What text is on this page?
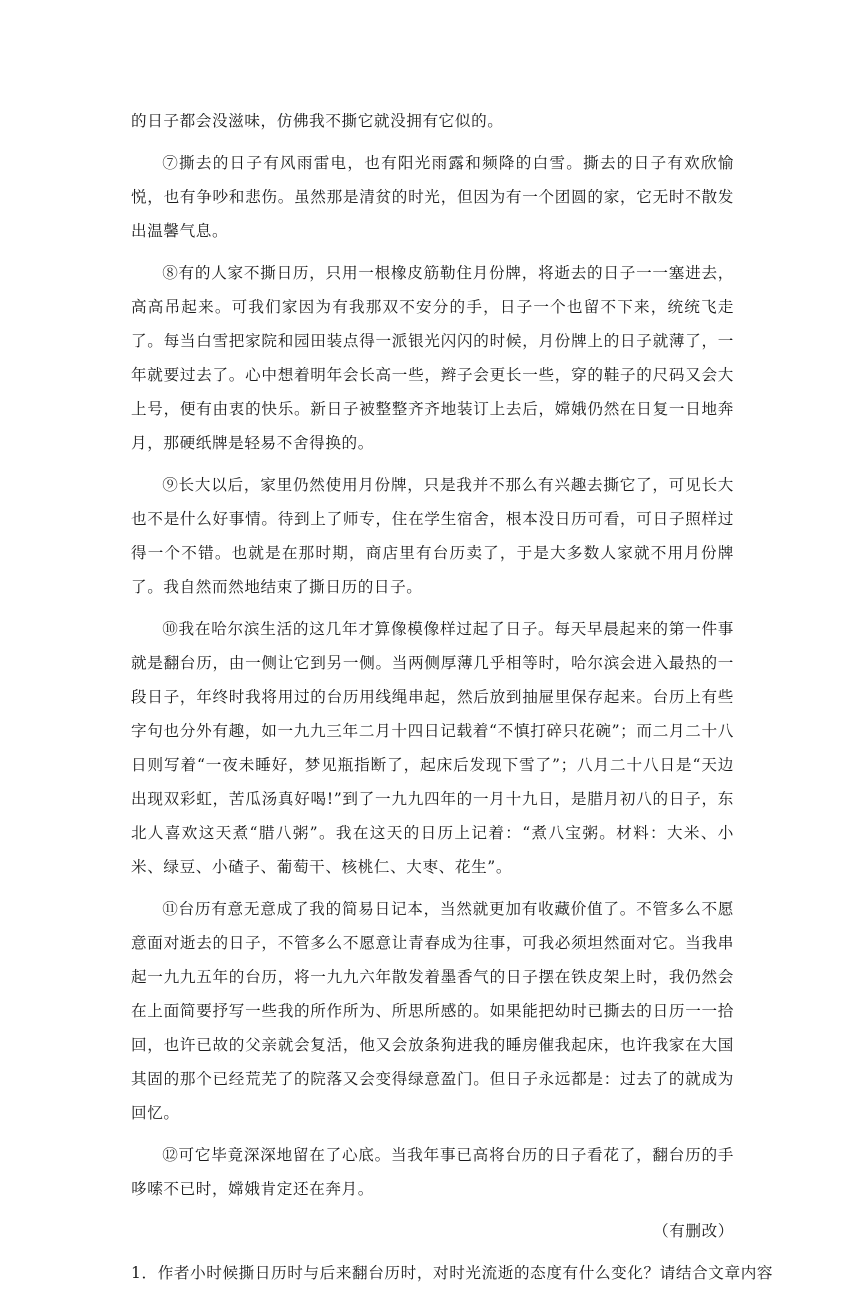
的日子都会没滋味，仿佛我不撕它就没拥有它似的。

⑦撕去的日子有风雨雷电，也有阳光雨露和频降的白雪。撕去的日子有欢欣愉悦，也有争吵和悲伤。虽然那是清贫的时光，但因为有一个团圆的家，它无时不散发出温馨气息。

⑧有的人家不撕日历，只用一根橡皮筋勒住月份牌，将逝去的日子一一塞进去，高高吊起来。可我们家因为有我那双不安分的手，日子一个也留不下来，统统飞走了。每当白雪把家院和园田装点得一派银光闪闪的时候，月份牌上的日子就薄了，一年就要过去了。心中想着明年会长高一些，辫子会更长一些，穿的鞋子的尺码又会大上号，便有由衷的快乐。新日子被整整齐齐地装订上去后，嫦娥仍然在日复一日地奔月，那硬纸牌是轻易不舍得换的。

⑨长大以后，家里仍然使用月份牌，只是我并不那么有兴趣去撕它了，可见长大也不是什么好事情。待到上了师专，住在学生宿舍，根本没日历可看，可日子照样过得一个不错。也就是在那时期，商店里有台历卖了，于是大多数人家就不用月份牌了。我自然而然地结束了撕日历的日子。

⑩我在哈尔滨生活的这几年才算像模像样过起了日子。每天早晨起来的第一件事就是翻台历，由一侧让它到另一侧。当两侧厚薄几乎相等时，哈尔滨会进入最热的一段日子，年终时我将用过的台历用线绳串起，然后放到抽屉里保存起来。台历上有些字句也分外有趣，如一九九三年二月十四日记载着“不慎打碎只花碗”；而二月二十八日则写着“一夜未睡好，梦见瓶指断了，起床后发现下雪了”；八月二十八日是“天边出现双彩虹，苦瓜汤真好喝!”到了一九九四年的一月十九日，是腊月初八的日子，东北人喜欢这天煮“腊八粥”。我在这天的日历上记着：“煮八宝粥。材料：大米、小米、绿豆、小碴子、葡萄干、核桃仁、大枣、花生”。

⑪台历有意无意成了我的简易日记本，当然就更加有收藏价值了。不管多么不愿意面对逝去的日子，不管多么不愿意让青春成为往事，可我必须坦然面对它。当我串起一九九五年的台历，将一九九六年散发着墨香气的日子摆在铁皮架上时，我仍然会在上面简要抒写一些我的所作所为、所思所感的。如果能把幼时已撕去的日历一一拾回，也许已故的父亲就会复活，他又会放条狗进我的睡房催我起床，也许我家在大国其固的那个已经荒芜了的院落又会变得绿意盈门。但日子永远都是：过去了的就成为回忆。

⑫可它毕竟深深地留在了心底。当我年事已高将台历的日子看花了，翻台历的手哆嗦不已时，嫦娥肯定还在奔月。

（有删改）

1．作者小时候撕日历时与后来翻台历时，对时光流逝的态度有什么变化？请结合文章内容
